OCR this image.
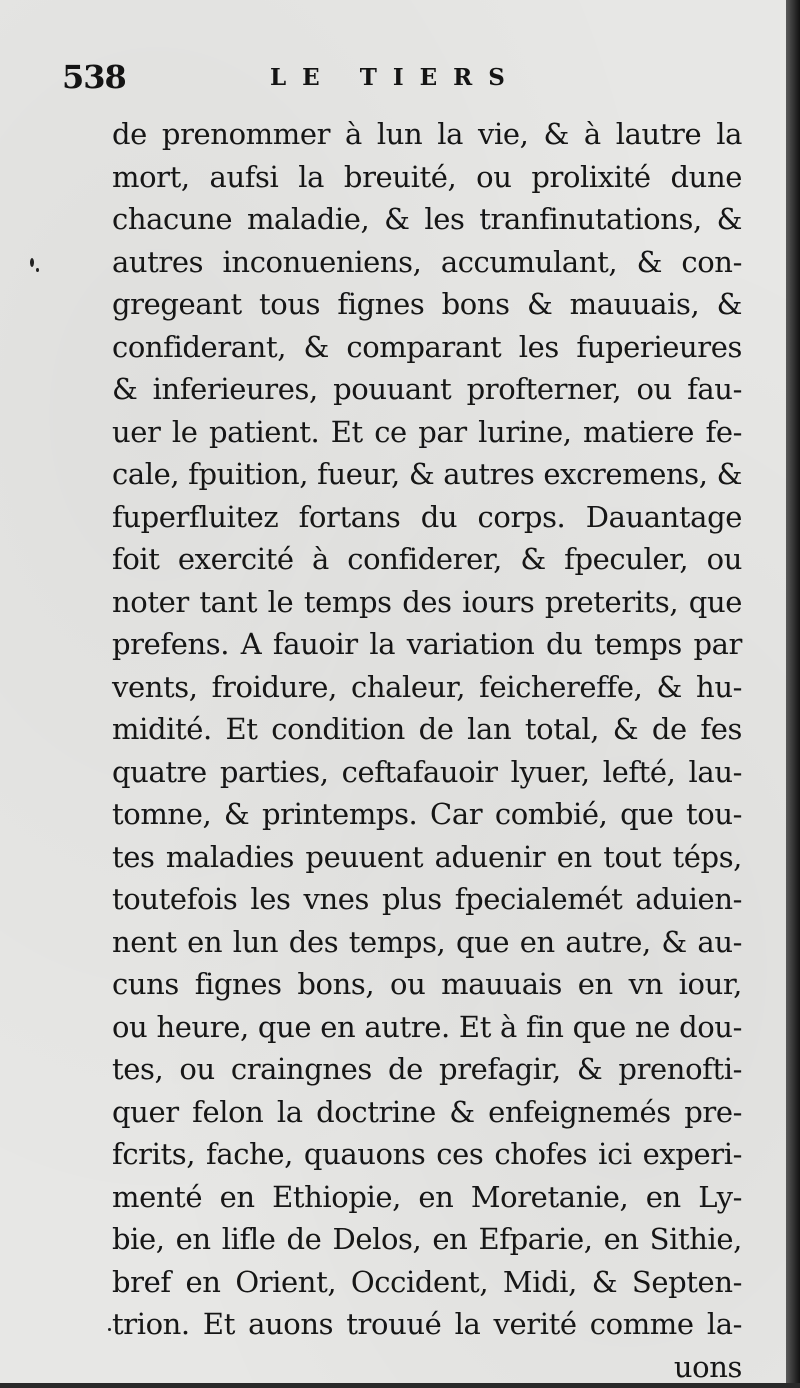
538	LE TIERS
de prenommer à lun la vie, & à lautre la
mort, aufsi la breuité, ou prolixité dune
chacune maladie, & les tranfinutations, &
autres inconueniens, accumulant, & con-
gregeant tous fignes bons & mauuais, &
confiderant, & comparant les fuperieures
& inferieures, pouuant profterner, ou fau-
uer le patient. Et ce par lurine, matiere fe-
cale, fpuition, fueur, & autres excremens, &
fuperfluitez fortans du corps. Dauantage
foit exercité à confiderer, & fpeculer, ou
noter tant le temps des iours preterits, que
prefens. A fauoir la variation du temps par
vents, froidure, chaleur, feichereffe, & hu-
midité. Et condition de lan total, & de fes
quatre parties, ceftafauoir lyuer, lefté, lau-
tomne, & printemps. Car combié, que tou-
tes maladies peuuent aduenir en tout téps,
toutefois les vnes plus fpecialemét aduien-
nent en lun des temps, que en autre, & au-
cuns fignes bons, ou mauuais en vn iour,
ou heure, que en autre. Et à fin que ne dou-
tes, ou craingnes de prefagir, & prenofti-
quer felon la doctrine & enfeignemés pre-
fcrits, fache, quauons ces chofes ici experi-
menté en Ethiopie, en Moretanie, en Ly-
bie, en lifle de Delos, en Efparie, en Sithie,
bref en Orient, Occident, Midi, & Septen-
trion. Et auons trouué la verité comme la-
uons
